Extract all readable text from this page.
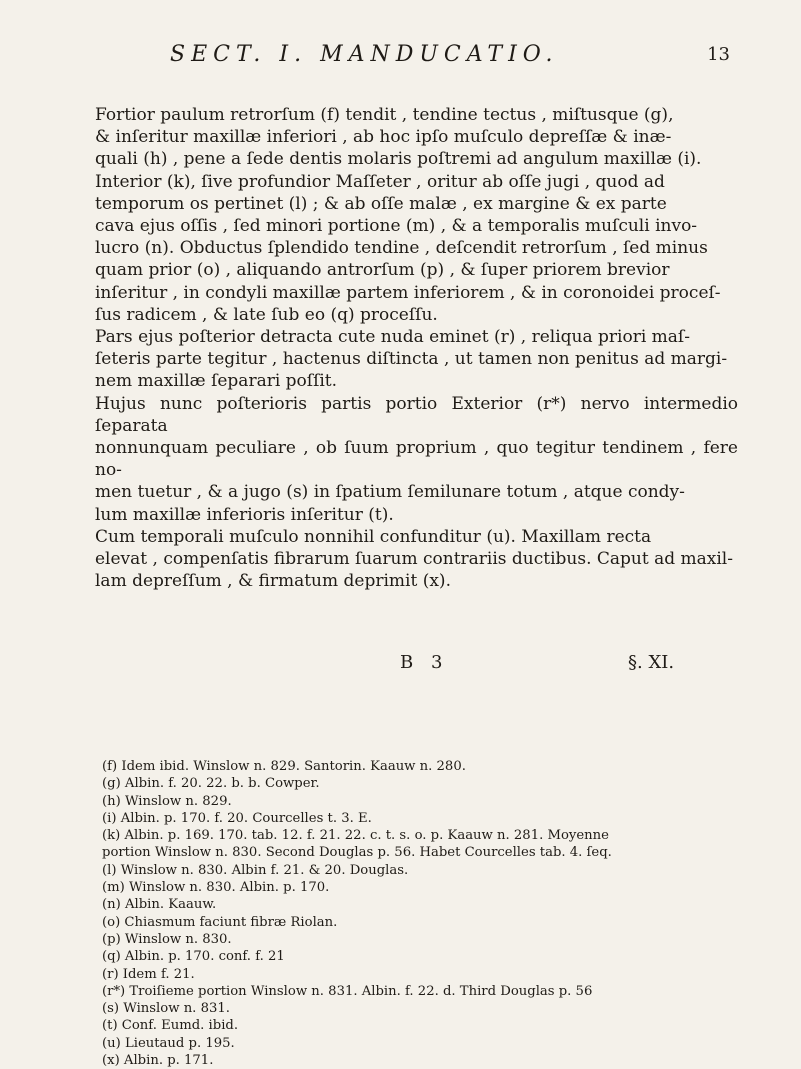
SECT. I. MANDUCATIO.	13
Fortior paulum retrorſum (f) tendit , tendine tectus , miſtusque (g),
& inſeritur maxillæ inferiori , ab hoc ipſo muſculo depreſſæ & inæ-
quali (h) , pene a ſede dentis molaris poſtremi ad angulum maxillæ (i).
Interior (k), ſive profundior Maſſeter , oritur ab oſſe jugi , quod ad
temporum os pertinet (l) ; & ab oſſe malæ , ex margine & ex parte
cava ejus oſſis , ſed minori portione (m) , & a temporalis muſculi invo-
lucro (n). Obductus ſplendido tendine , deſcendit retrorſum , ſed minus
quam prior (o) , aliquando antrorſum (p) , & ſuper priorem brevior
inſeritur , in condyli maxillæ partem inferiorem , & in coronoidei proceſ-
ſus radicem , & late ſub eo (q) proceſſu.
Pars ejus poſterior detracta cute nuda eminet (r) , reliqua priori maſ-
ſeteris parte tegitur , hactenus diſtincta , ut tamen non penitus ad margi-
nem maxillæ ſeparari poſſit.
Hujus nunc poſterioris partis portio Exterior (r*) nervo intermedio ſeparata
nonnunquam peculiare , ob ſuum proprium , quo tegitur tendinem , fere no-
men tuetur , & a jugo (s) in ſpatium ſemilunare totum , atque condy-
lum maxillæ inferioris inſeritur (t).
Cum temporali muſculo nonnihil confunditur (u). Maxillam recta
elevat , compenſatis fibrarum ſuarum contrariis ductibus. Caput ad maxil-
lam depreſſum , & firmatum deprimit (x).
B 3	§. XI.
(f) Idem ibid. Winslow n. 829. Santorin. Kaauw n. 280.
(g) Albin. f. 20. 22. b. b. Cowper.
(h) Winslow n. 829.
(i) Albin. p. 170. f. 20. Courcelles t. 3. E.
(k) Albin. p. 169. 170. tab. 12. f. 21. 22. c. t. s. o. p. Kaauw n. 281. Moyenne
portion Winslow n. 830. Second Douglas p. 56. Habet Courcelles tab. 4. ſeq.
(l) Winslow n. 830. Albin f. 21. & 20. Douglas.
(m) Winslow n. 830. Albin. p. 170.
(n) Albin. Kaauw.
(o) Chiasmum faciunt fibræ Riolan.
(p) Winslow n. 830.
(q) Albin. p. 170. conf. f. 21
(r) Idem f. 21.
(r*) Troiſieme portion Winslow n. 831. Albin. f. 22. d. Third Douglas p. 56
(s) Winslow n. 831.
(t) Conf. Eumd. ibid.
(u) Lieutaud p. 195.
(x) Albin. p. 171.
